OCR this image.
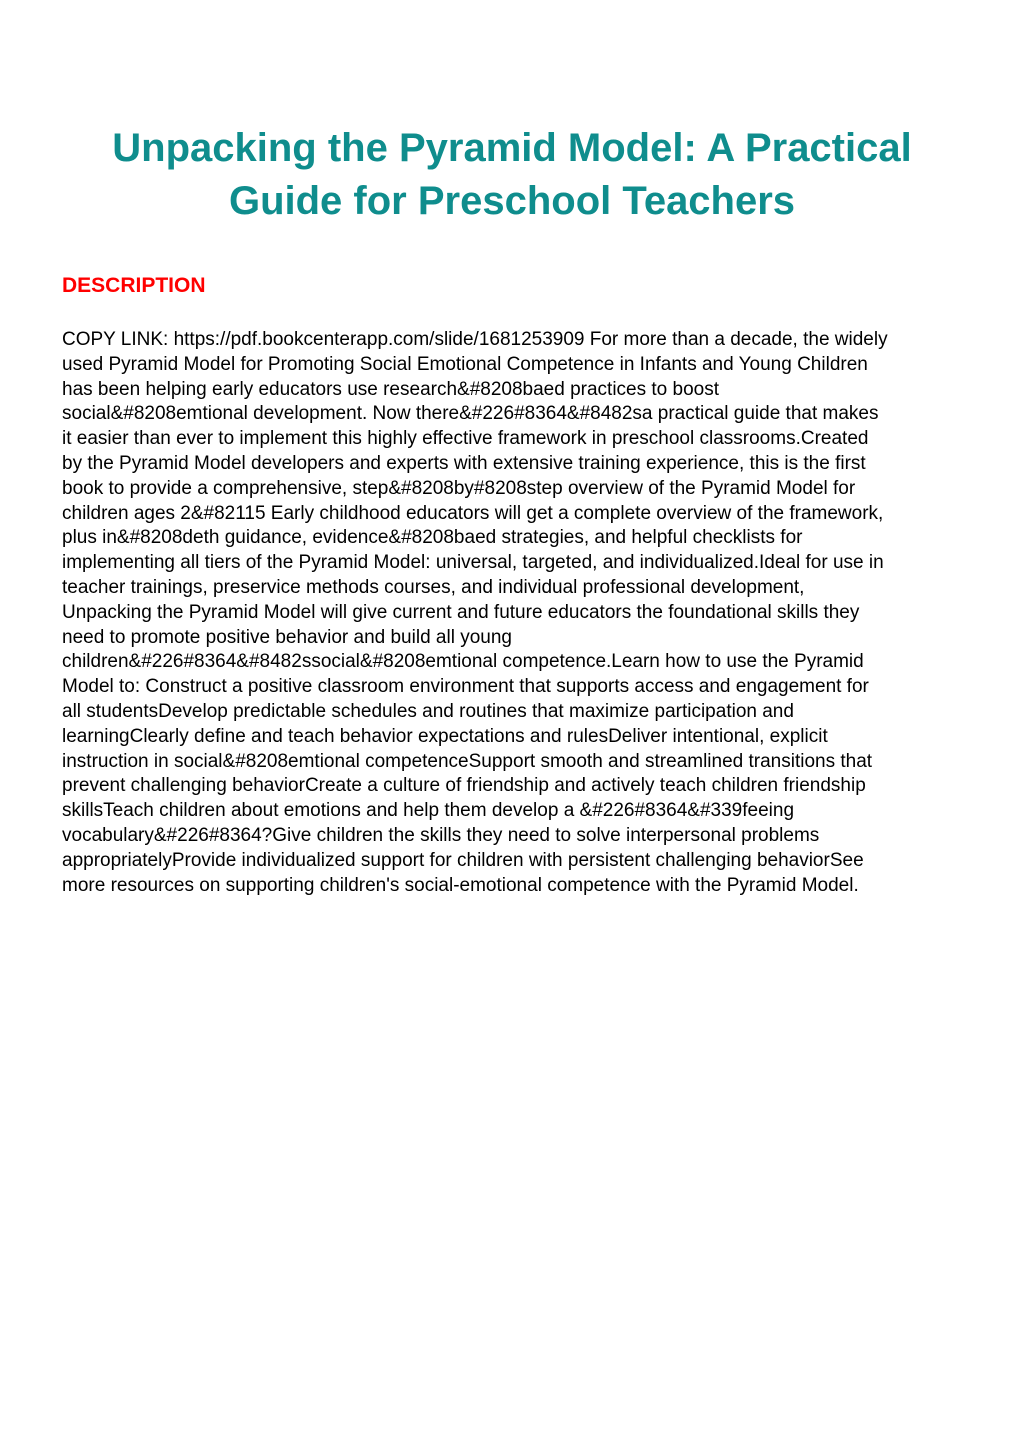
Unpacking the Pyramid Model: A Practical
Guide for Preschool Teachers
DESCRIPTION

COPY LINK: https://pdf.bookcenterapp.com/slide/1681253909 For more than a decade, the widely
used Pyramid Model for Promoting Social Emotional Competence in Infants and Young Children
has been helping early educators use research&#8208baed practices to boost
social&#8208emtional development. Now there&#226#8364&#8482sa practical guide that makes
it easier than ever to implement this highly effective framework in preschool classrooms.Created
by the Pyramid Model developers and experts with extensive training experience, this is the first
book to provide a comprehensive, step&#8208by#8208step overview of the Pyramid Model for
children ages 2&#82115 Early childhood educators will get a complete overview of the framework,
plus in&#8208deth guidance, evidence&#8208baed strategies, and helpful checklists for
implementing all tiers of the Pyramid Model: universal, targeted, and individualized.Ideal for use in
teacher trainings, preservice methods courses, and individual professional development,
Unpacking the Pyramid Model will give current and future educators the foundational skills they
need to promote positive behavior and build all young
children&#226#8364&#8482ssocial&#8208emtional competence.Learn how to use the Pyramid
Model to: Construct a positive classroom environment that supports access and engagement for
all studentsDevelop predictable schedules and routines that maximize participation and
learningClearly define and teach behavior expectations and rulesDeliver intentional, explicit
instruction in social&#8208emtional competenceSupport smooth and streamlined transitions that
prevent challenging behaviorCreate a culture of friendship and actively teach children friendship
skillsTeach children about emotions and help them develop a &#226#8364&#339feeing
vocabulary&#226#8364?Give children the skills they need to solve interpersonal problems
appropriatelyProvide individualized support for children with persistent challenging behaviorSee
more resources on supporting children's social-emotional competence with the Pyramid Model.
